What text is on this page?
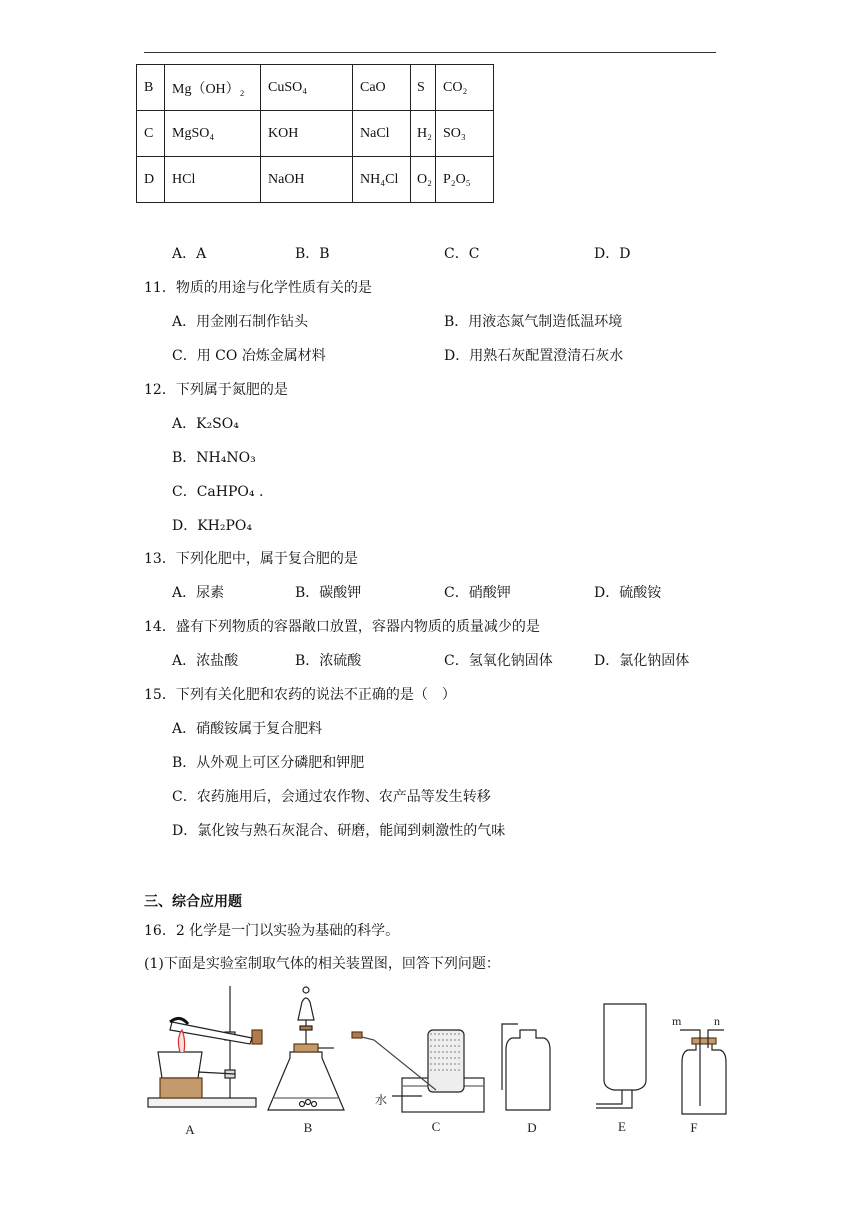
B	Mg（OH）₂	CuSO₄	CaO	S	CO₂
C	MgSO₄	KOH	NaCl	H₂	SO₃
D	HCl	NaOH	NH₄Cl	O₂	P₂O₅
A．A	B．B	C．C	D．D
11．物质的用途与化学性质有关的是
A．用金刚石制作钻头	B．用液态氮气制造低温环境
C．用 CO 冶炼金属材料	D．用熟石灰配置澄清石灰水
12．下列属于氮肥的是
A．K₂SO₄
B．NH₄NO₃
C．CaHPO₄ .
D．KH₂PO₄
13．下列化肥中，属于复合肥的是
A．尿素	B．碳酸钾	C．硝酸钾	D．硫酸铵
14．盛有下列物质的容器敞口放置，容器内物质的质量减少的是
A．浓盐酸	B．浓硫酸	C．氢氧化钠固体	D．氯化钠固体
15．下列有关化肥和农药的说法不正确的是（　）
A．硝酸铵属于复合肥料
B．从外观上可区分磷肥和钾肥
C．农药施用后，会通过农作物、农产品等发生转移
D．氯化铵与熟石灰混合、研磨，能闻到刺激性的气味
三、综合应用题
16．2 化学是一门以实验为基础的科学。
(1)下面是实验室制取气体的相关装置图，回答下列问题：
水
m	n
A	B	C	D	E	F
